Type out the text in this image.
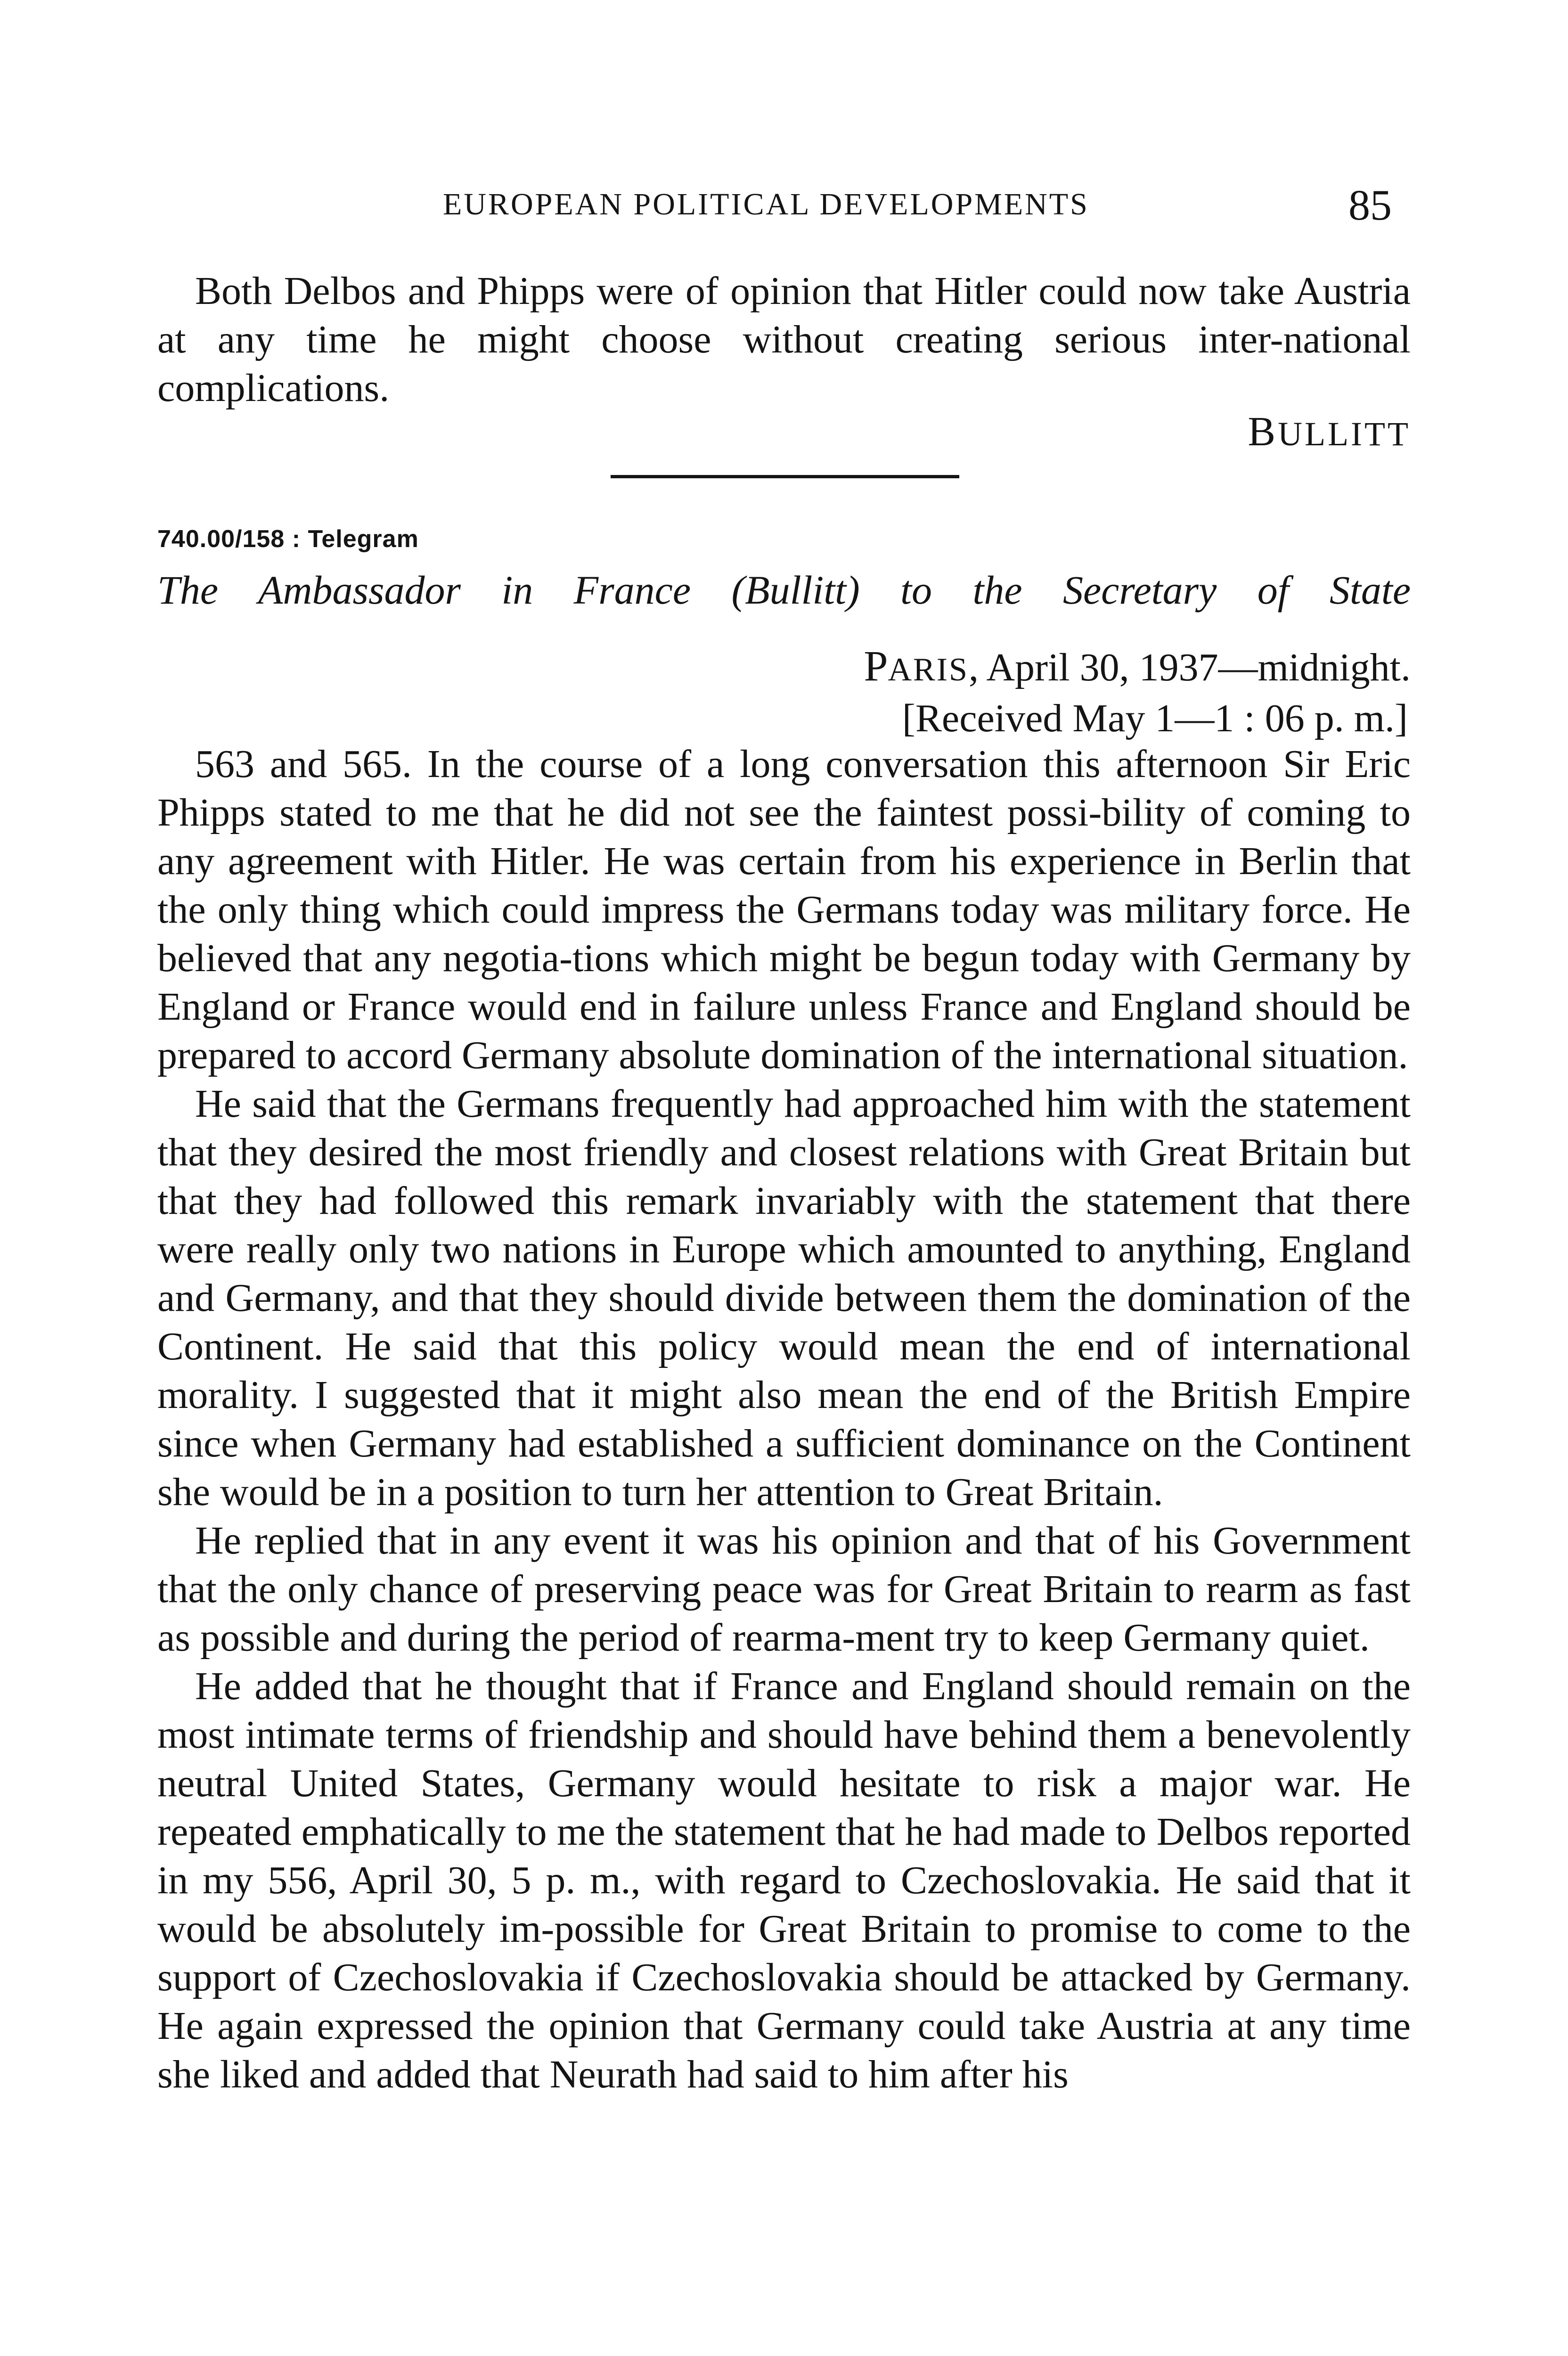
EUROPEAN POLITICAL DEVELOPMENTS	85

Both Delbos and Phipps were of opinion that Hitler could now take Austria at any time he might choose without creating serious inter-national complications.

BULLITT

740.00/158 : Telegram

The Ambassador in France (Bullitt) to the Secretary of State

PARIS, April 30, 1937—midnight.

[Received May 1—1 : 06 p. m.]

563 and 565. In the course of a long conversation this afternoon Sir Eric Phipps stated to me that he did not see the faintest possi-bility of coming to any agreement with Hitler. He was certain from his experience in Berlin that the only thing which could impress the Germans today was military force. He believed that any negotia-tions which might be begun today with Germany by England or France would end in failure unless France and England should be prepared to accord Germany absolute domination of the international situation.

He said that the Germans frequently had approached him with the statement that they desired the most friendly and closest relations with Great Britain but that they had followed this remark invariably with the statement that there were really only two nations in Europe which amounted to anything, England and Germany, and that they should divide between them the domination of the Continent. He said that this policy would mean the end of international morality. I suggested that it might also mean the end of the British Empire since when Germany had established a sufficient dominance on the Continent she would be in a position to turn her attention to Great Britain.

He replied that in any event it was his opinion and that of his Government that the only chance of preserving peace was for Great Britain to rearm as fast as possible and during the period of rearma-ment try to keep Germany quiet.

He added that he thought that if France and England should remain on the most intimate terms of friendship and should have behind them a benevolently neutral United States, Germany would hesitate to risk a major war. He repeated emphatically to me the statement that he had made to Delbos reported in my 556, April 30, 5 p. m., with regard to Czechoslovakia. He said that it would be absolutely im-possible for Great Britain to promise to come to the support of Czechoslovakia if Czechoslovakia should be attacked by Germany. He again expressed the opinion that Germany could take Austria at any time she liked and added that Neurath had said to him after his
